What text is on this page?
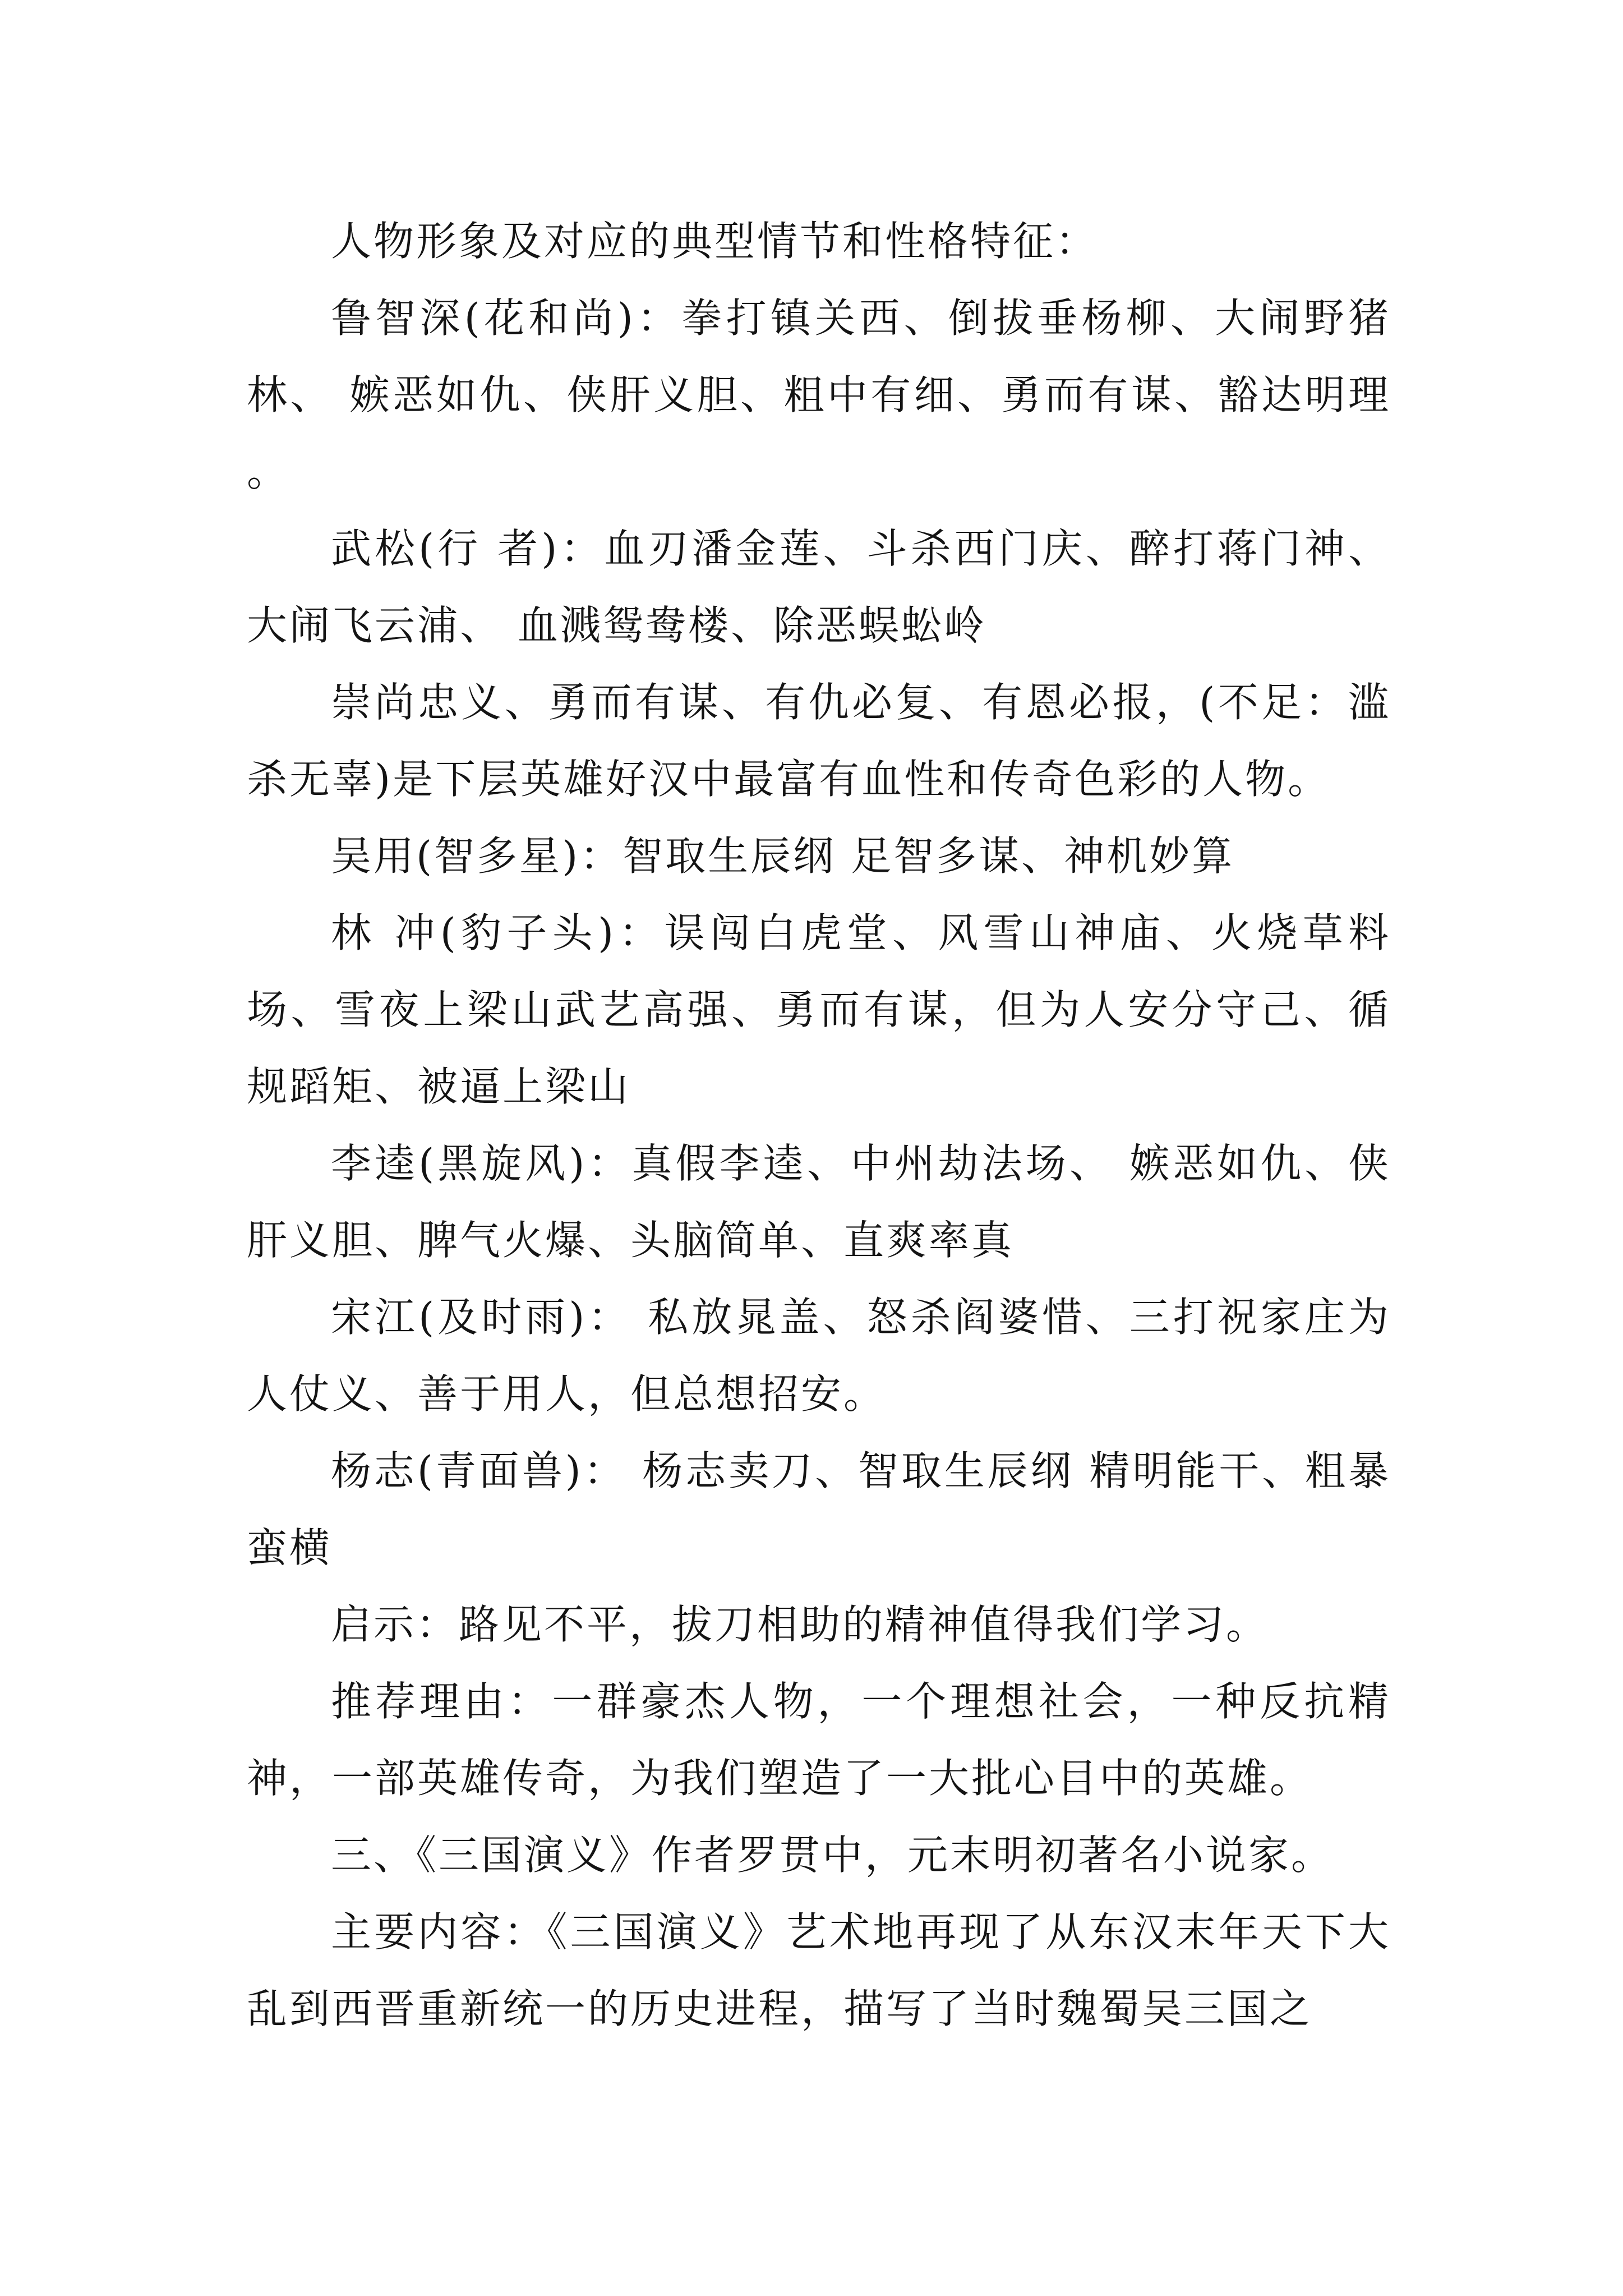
人物形象及对应的典型情节和性格特征：

鲁智深(花和尚)：拳打镇关西、倒拔垂杨柳、大闹野猪林、 嫉恶如仇、侠肝义胆、粗中有细、勇而有谋、豁达明理 。

武松(行 者)：血刃潘金莲、斗杀西门庆、醉打蒋门神、大闹飞云浦、 血溅鸳鸯楼、除恶蜈蚣岭

崇尚忠义、勇而有谋、有仇必复、有恩必报，(不足：滥杀无辜)是下层英雄好汉中最富有血性和传奇色彩的人物。

吴用(智多星)：智取生辰纲 足智多谋、神机妙算

林 冲(豹子头)：误闯白虎堂、风雪山神庙、火烧草料场、雪夜上梁山武艺高强、勇而有谋，但为人安分守己、循规蹈矩、被逼上梁山

李逵(黑旋风)：真假李逵、中州劫法场、 嫉恶如仇、侠肝义胆、脾气火爆、头脑简单、直爽率真

宋江(及时雨)： 私放晁盖、怒杀阎婆惜、三打祝家庄为人仗义、善于用人，但总想招安。

杨志(青面兽)： 杨志卖刀、智取生辰纲 精明能干、粗暴蛮横

启示：路见不平，拔刀相助的精神值得我们学习。

推荐理由：一群豪杰人物，一个理想社会，一种反抗精神，一部英雄传奇，为我们塑造了一大批心目中的英雄。

三、《三国演义》作者罗贯中，元末明初著名小说家。

主要内容：《三国演义》艺术地再现了从东汉末年天下大乱到西晋重新统一的历史进程，描写了当时魏蜀吴三国之
